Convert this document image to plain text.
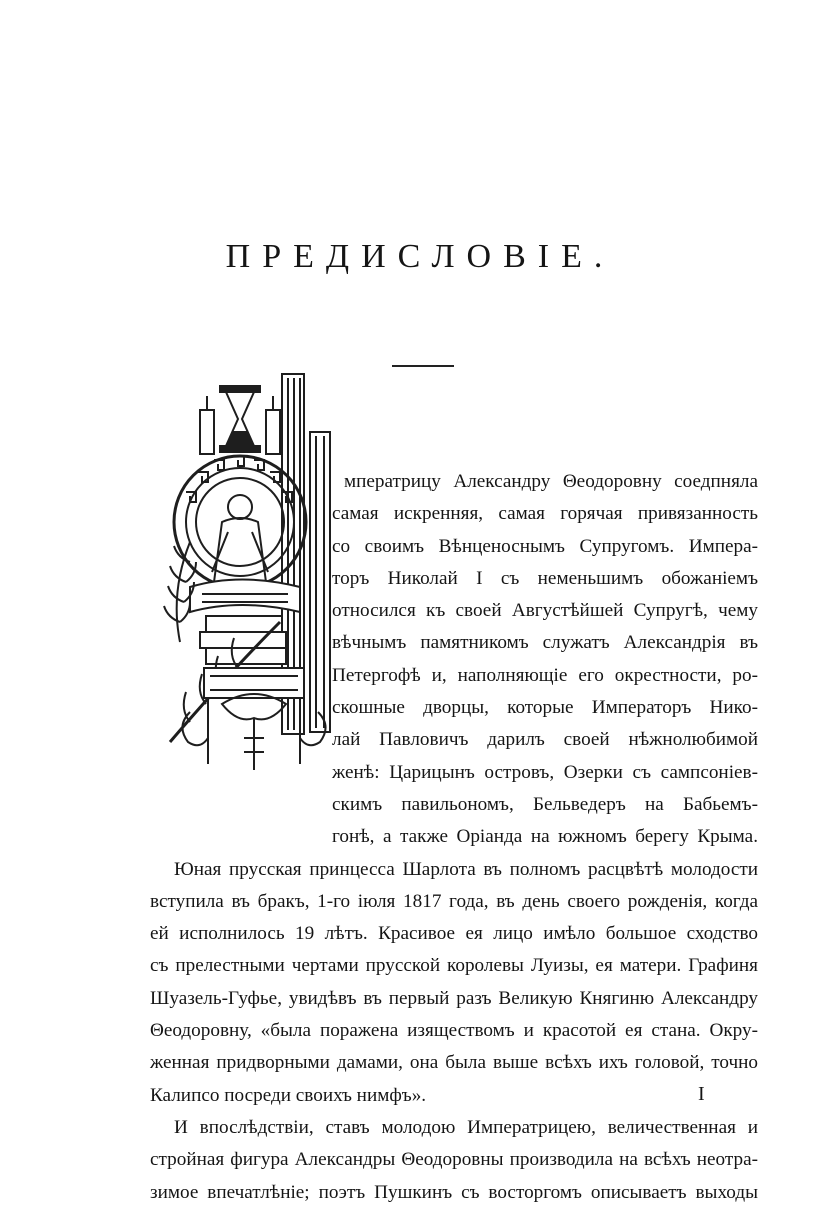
ПРЕДИСЛОВІЕ.
мператрицу Александру Θеодоровну соедпняла
самая искренняя, самая горячая привязанность
со своимъ Вѣнценоснымъ Супругомъ. Импера-
торъ Николай I съ неменьшимъ обожаніемъ
относился къ своей Августѣйшей Супругѣ, чему
вѣчнымъ памятникомъ служатъ Александрія въ
Петергофѣ и, наполняющіе его окрестности, ро-
скошные дворцы, которые Императоръ Нико-
лай Павловичъ дарилъ своей нѣжнолюбимой
женѣ: Царицынъ островъ, Озерки съ сампсоніев-
скимъ павильономъ, Бельведеръ на Бабьемъ-
гонѣ, а также Оріанда на южномъ берегу Крыма.
Юная прусская принцесса Шарлота въ полномъ расцвѣтѣ молодости
вступила въ бракъ, 1-го іюля 1817 года, въ день своего рожденія, когда
ей исполнилось 19 лѣтъ. Красивое ея лицо имѣло большое сходство
съ прелестными чертами прусской королевы Луизы, ея матери. Графиня
Шуазель-Гуфье, увидѣвъ въ первый разъ Великую Княгиню Александру
Θеодоровну, «была поражена изяществомъ и красотой ея стана. Окру-
женная придворными дамами, она была выше всѣхъ ихъ головой, точно
Калипсо посреди своихъ нимфъ».
И впослѣдствіи, ставъ молодою Императрицею, величественная и
стройная фигура Александры Θеодоровны производила на всѣхъ неотра-
зимое впечатлѣніе; поэтъ Пушкинъ съ восторгомъ описываетъ выходы
I
